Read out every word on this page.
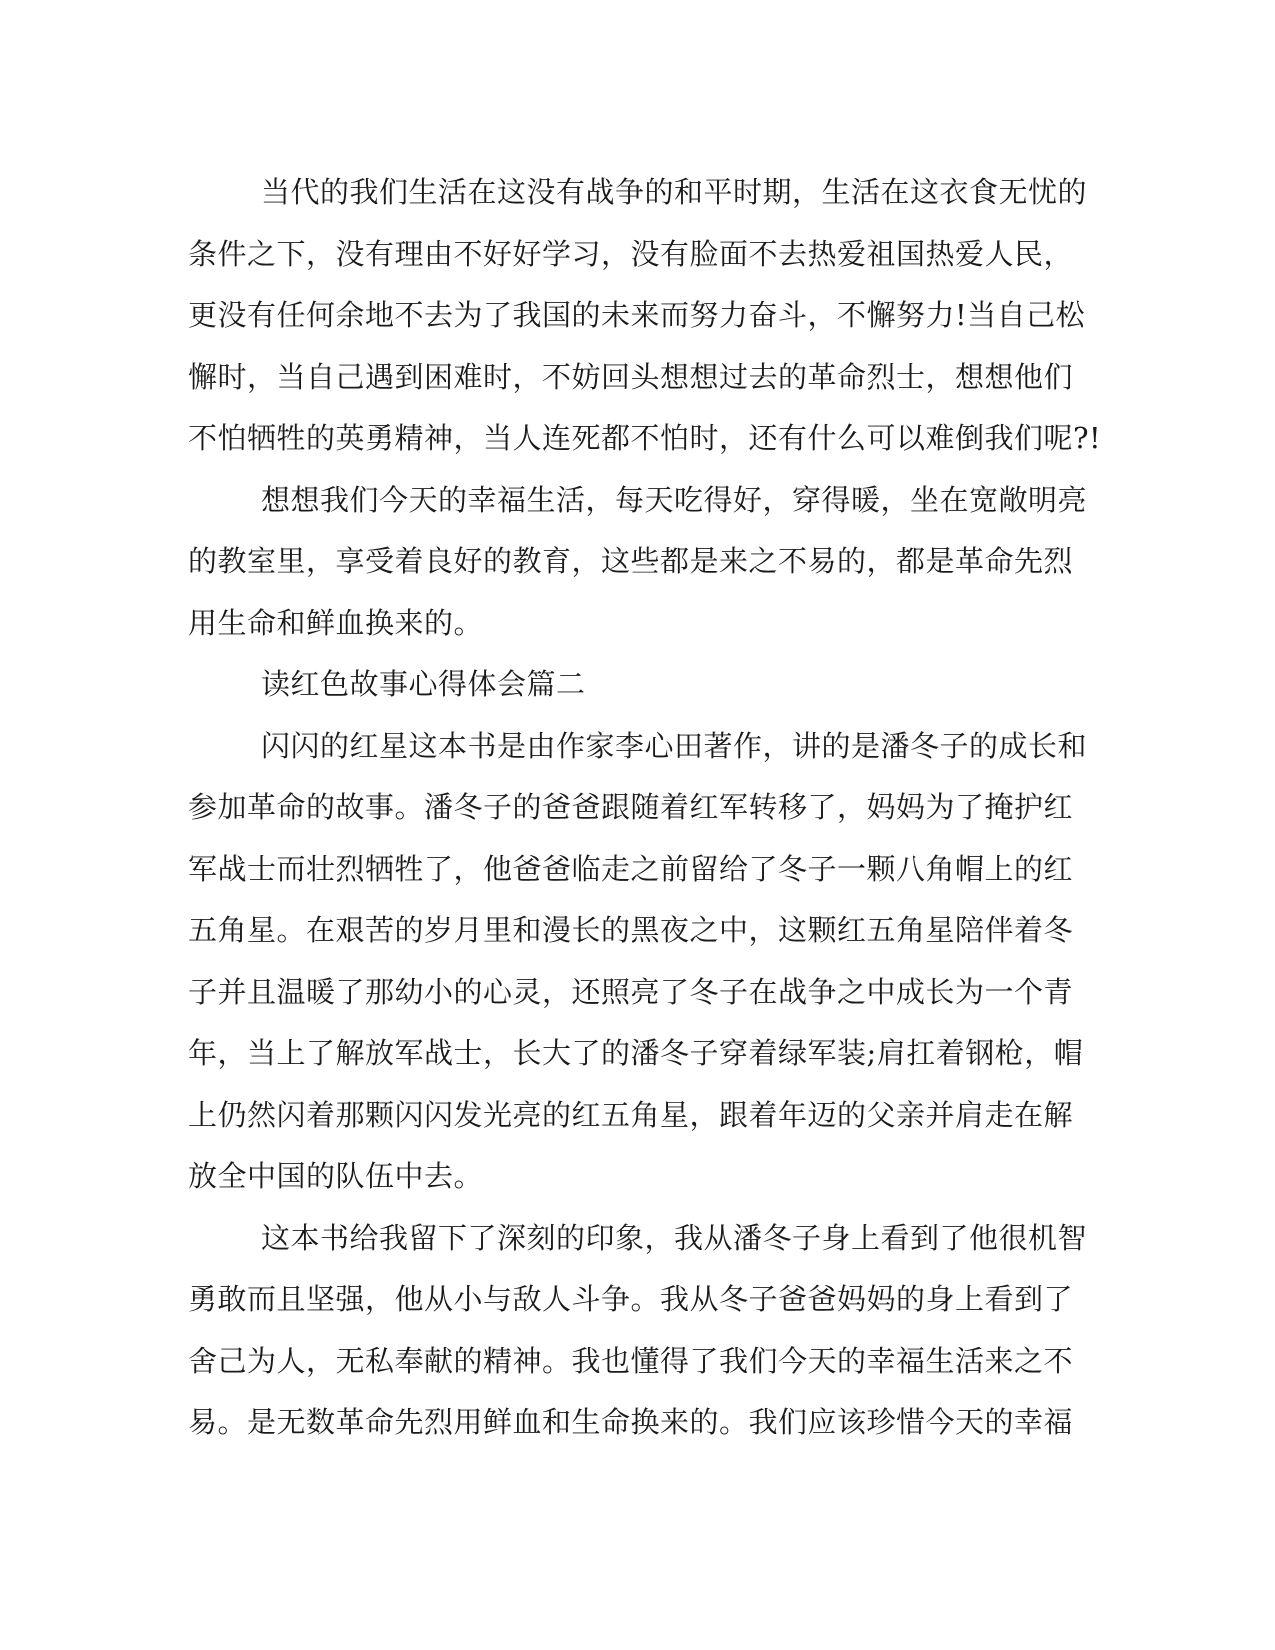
当代的我们生活在这没有战争的和平时期，生活在这衣食无忧的
条件之下，没有理由不好好学习，没有脸面不去热爱祖国热爱人民，
更没有任何余地不去为了我国的未来而努力奋斗，不懈努力!当自己松
懈时，当自己遇到困难时，不妨回头想想过去的革命烈士，想想他们
不怕牺牲的英勇精神，当人连死都不怕时，还有什么可以难倒我们呢?!
想想我们今天的幸福生活，每天吃得好，穿得暖，坐在宽敞明亮
的教室里，享受着良好的教育，这些都是来之不易的，都是革命先烈
用生命和鲜血换来的。
读红色故事心得体会篇二
闪闪的红星这本书是由作家李心田著作，讲的是潘冬子的成长和
参加革命的故事。潘冬子的爸爸跟随着红军转移了，妈妈为了掩护红
军战士而壮烈牺牲了，他爸爸临走之前留给了冬子一颗八角帽上的红
五角星。在艰苦的岁月里和漫长的黑夜之中，这颗红五角星陪伴着冬
子并且温暖了那幼小的心灵，还照亮了冬子在战争之中成长为一个青
年，当上了解放军战士，长大了的潘冬子穿着绿军装;肩扛着钢枪，帽
上仍然闪着那颗闪闪发光亮的红五角星，跟着年迈的父亲并肩走在解
放全中国的队伍中去。
这本书给我留下了深刻的印象，我从潘冬子身上看到了他很机智
勇敢而且坚强，他从小与敌人斗争。我从冬子爸爸妈妈的身上看到了
舍己为人，无私奉献的精神。我也懂得了我们今天的幸福生活来之不
易。是无数革命先烈用鲜血和生命换来的。我们应该珍惜今天的幸福
